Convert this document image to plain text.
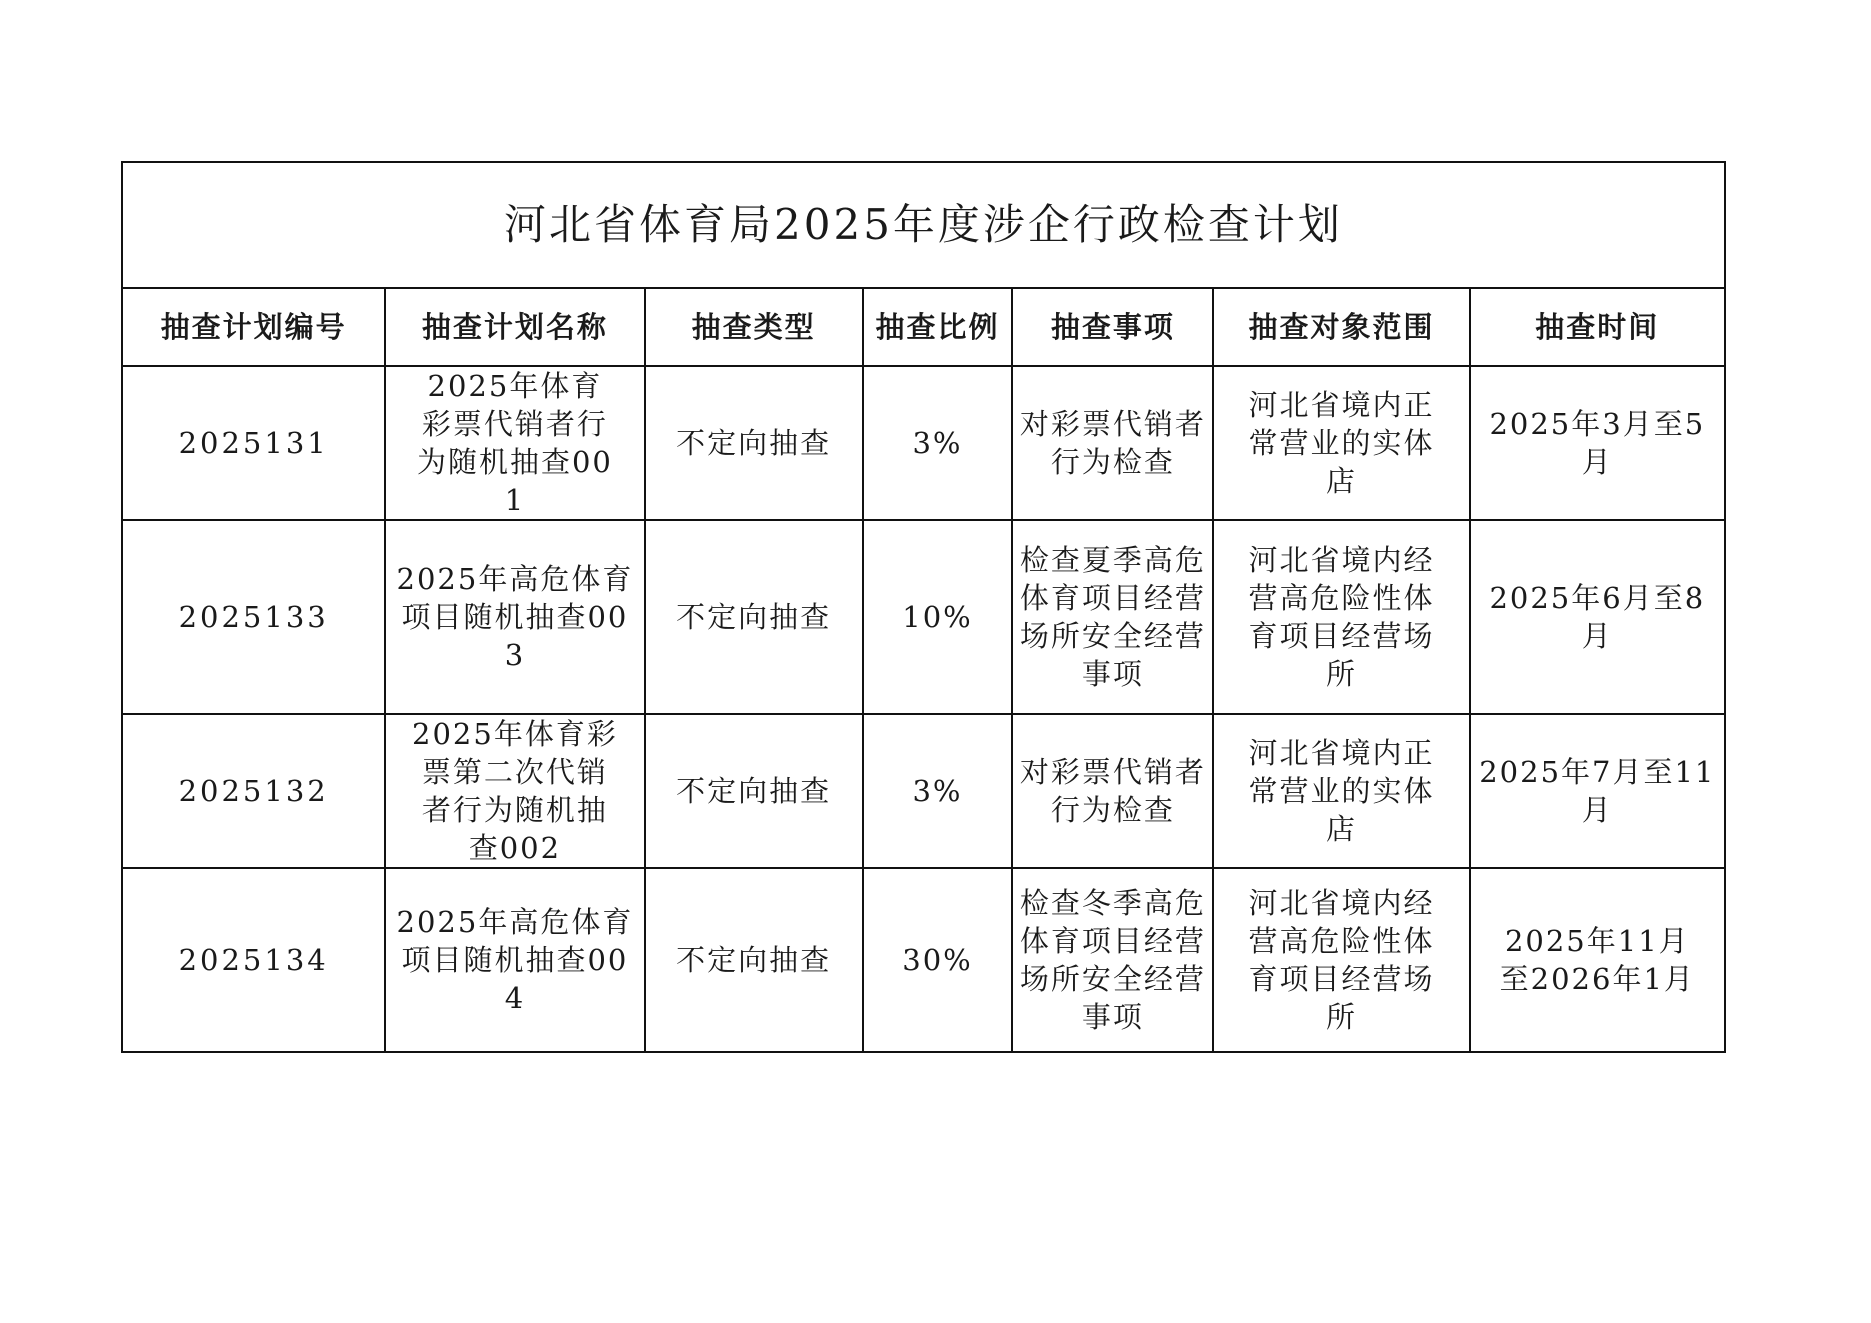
河北省体育局2025年度涉企行政检查计划						
抽查计划编号	抽查计划名称	抽查类型	抽查比例	抽查事项	抽查对象范围	抽查时间
2025131	2025年体育彩票代销者行为随机抽查001	不定向抽查	3%	对彩票代销者行为检查	河北省境内正常营业的实体店	2025年3月至5月
2025133	2025年高危体育项目随机抽查003	不定向抽查	10%	检查夏季高危体育项目经营场所安全经营事项	河北省境内经营高危险性体育项目经营场所	2025年6月至8月
2025132	2025年体育彩票第二次代销者行为随机抽查002	不定向抽查	3%	对彩票代销者行为检查	河北省境内正常营业的实体店	2025年7月至11月
2025134	2025年高危体育项目随机抽查004	不定向抽查	30%	检查冬季高危体育项目经营场所安全经营事项	河北省境内经营高危险性体育项目经营场所	2025年11月至2026年1月
